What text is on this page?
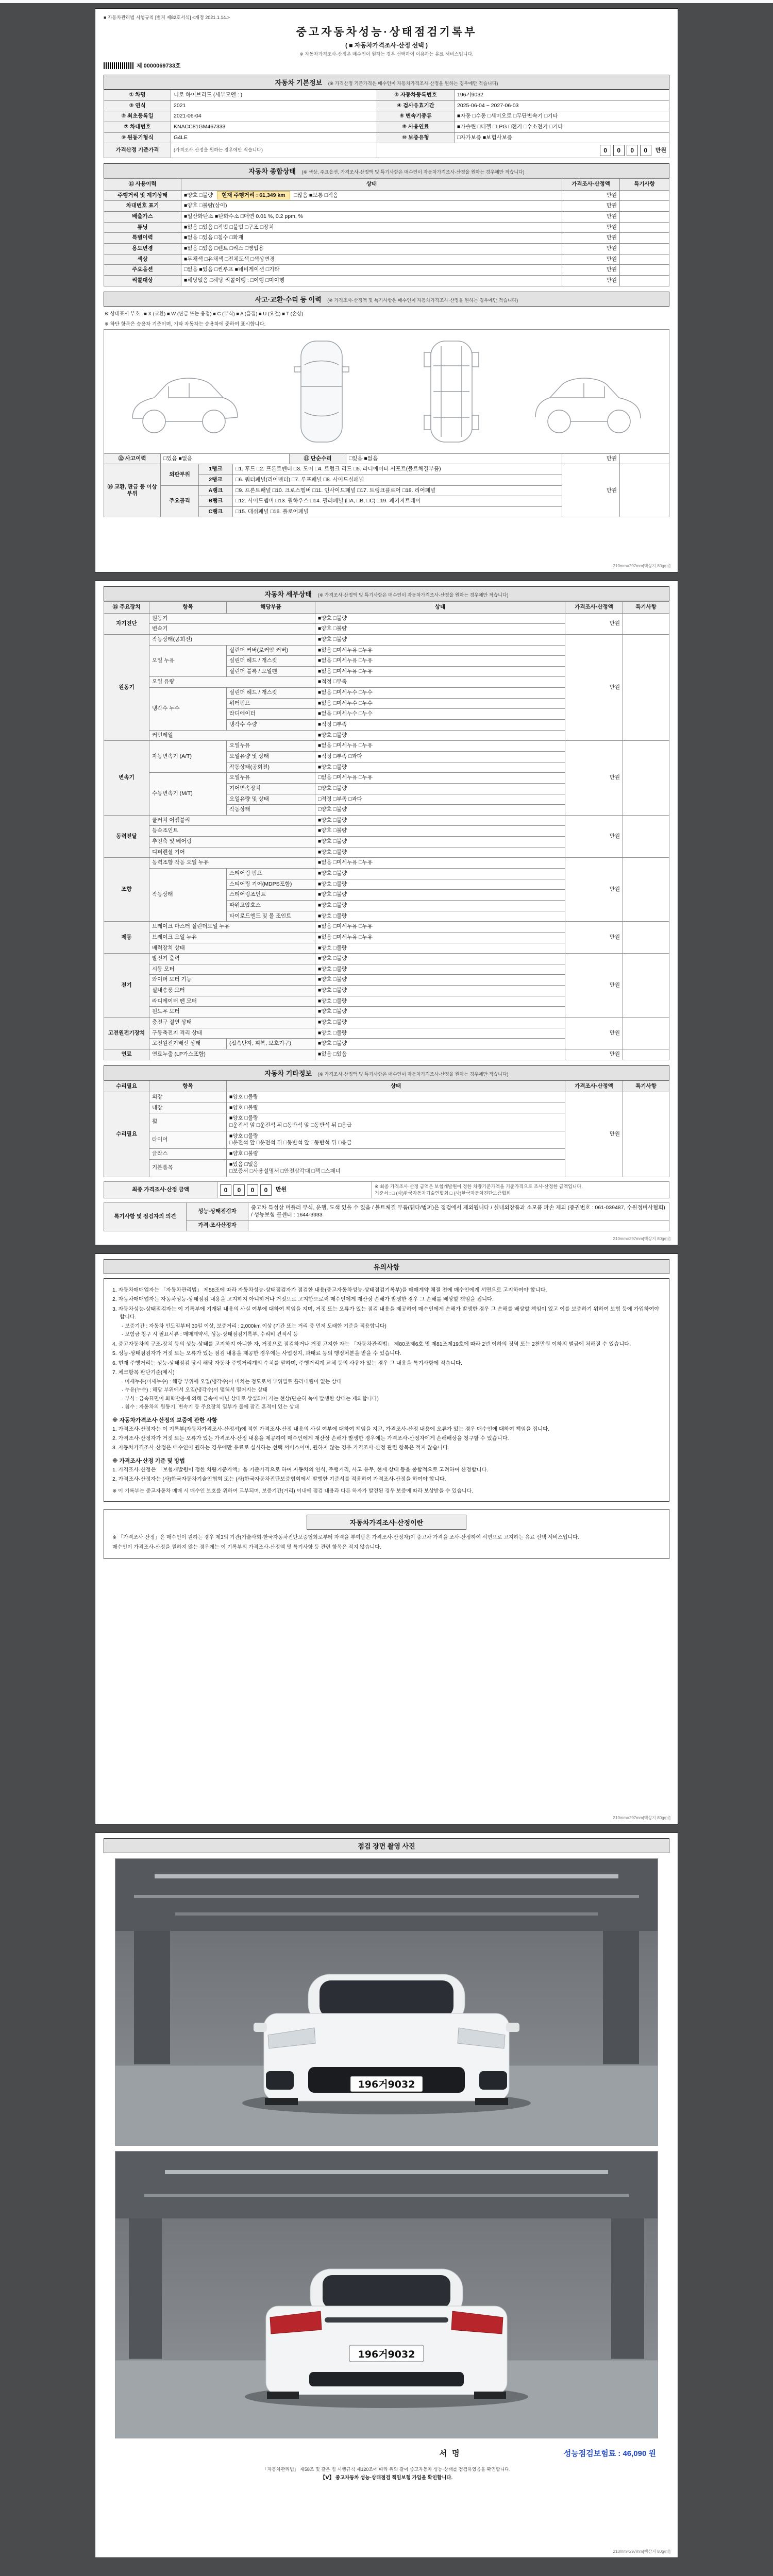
■ 자동차관리법 시행규칙 [별지 제82호서식] <개정 2021.1.14.>
중고자동차성능·상태점검기록부
( ■ 자동차가격조사·산정 선택 )
※ 자동차가격조사·산정은 매수인이 원하는 경우 선택하여 이용하는 유료 서비스입니다.
제 0000069733호
자동차 기본정보 (※ 가격산정 기준가격은 매수인이 자동차가격조사·산정을 원하는 경우에만 적습니다)
① 차명	니로 하이브리드 (세부모델 : )	② 자동차등록번호	196거9032
③ 연식	2021	④ 검사유효기간	2025-06-04 ~ 2027-06-03
⑤ 최초등록일	2021-06-04	⑥ 변속기종류	■자동 □수동 □세미오토 □무단변속기 □기타
⑦ 차대번호	KNACC81GM467333	⑧ 사용연료	■가솔린 □디젤 □LPG □전기 □수소전기 □기타
⑨ 원동기형식	G4LE	⑩ 보증유형	□자가보증 ■보험사보증
가격산정 기준가격	(가격조사·산정을 원하는 경우에만 적습니다)	0 0 0 0 만원	
자동차 종합상태 (※ 색상, 주요옵션, 가격조사·산정액 및 특기사항은 매수인이 자동차가격조사·산정을 원하는 경우에만 적습니다)
⑪ 사용이력	상태	가격조사·산정액	특기사항
주행거리 및 계기상태	■양호 □불량 현재 주행거리 : 61,349 km □많음 ■보통 □적음	만원	
차대번호 표기	■양호 □불량(상이)	만원	
배출가스	■일산화탄소 ■탄화수소 □매연 0.01 %, 0.2 ppm, %	만원	
튜닝	■없음 □있음 □적법 □불법 □구조 □장치	만원	
특별이력	■없음 □있음 □침수 □화재	만원	
용도변경	■없음 □있음 □렌트 □리스 □영업용	만원	
색상	■무채색 □유채색 □전체도색 □색상변경	만원	
주요옵션	□없음 ■있음 □썬루프 ■네비게이션 □기타	만원	
리콜대상	■해당없음 □해당 리콜이행 : □이행 □미이행	만원	
사고·교환·수리 등 이력 (※ 가격조사·산정액 및 특기사항은 매수인이 자동차가격조사·산정을 원하는 경우에만 적습니다)
※ 상태표시 부호 : ■ X (교환) ■ W (판금 또는 용접) ■ C (부식) ■ A (흠집) ■ U (요철) ■ T (손상)
※ 하단 항목은 승용차 기준이며, 기타 자동차는 승용차에 준하여 표시합니다.
⑫ 사고이력	□있음 ■없음	⑬ 단순수리	□있음 ■없음	만원	
⑭ 교환, 판금 등 이상 부위	외판부위	1랭크	□1. 후드 □2. 프론트펜더 □3. 도어 □4. 트렁크 리드 □5. 라디에이터 서포트(볼트체결부품)	만원	
		2랭크	□6. 쿼터패널(리어펜더) □7. 루프패널 □8. 사이드실패널		
	주요골격	A랭크	□9. 프론트패널 □10. 크로스멤버 □11. 인사이드패널 □17. 트렁크플로어 □18. 리어패널		
		B랭크	□12. 사이드멤버 □13. 휠하우스 □14. 필러패널 (□A, □B, □C) □19. 패키지트레이		
		C랭크	□15. 대쉬패널 □16. 플로어패널		
210mm×297mm[백상지 80g/㎡]
자동차 세부상태 (※ 가격조사·산정액 및 특기사항은 매수인이 자동차가격조사·산정을 원하는 경우에만 적습니다)
⑮ 주요장치	항목	해당부품	상태	가격조사·산정액	특기사항
자기진단	원동기		■양호 □불량	만원	
	변속기		■양호 □불량		
원동기	작동상태(공회전)		■양호 □불량	만원	
	오일 누유	실린더 커버(로커암 커버)	■없음 □미세누유 □누유		
		실린더 헤드 / 개스킷	■없음 □미세누유 □누유		
		실린더 블록 / 오일팬	■없음 □미세누유 □누유		
	오일 유량		■적정 □부족		
	냉각수 누수	실린더 헤드 / 개스킷	■없음 □미세누수 □누수		
		워터펌프	■없음 □미세누수 □누수		
		라디에이터	■없음 □미세누수 □누수		
		냉각수 수량	■적정 □부족		
	커먼레일		■양호 □불량		
변속기	자동변속기 (A/T)	오일누유	■없음 □미세누유 □누유	만원	
		오일유량 및 상태	■적정 □부족 □과다		
		작동상태(공회전)	■양호 □불량		
	수동변속기 (M/T)	오일누유	□없음 □미세누유 □누유		
		기어변속장치	□양호 □불량		
		오일유량 및 상태	□적정 □부족 □과다		
		작동상태	□양호 □불량		
동력전달	클러치 어셈블리		■양호 □불량	만원	
	등속조인트		■양호 □불량		
	추진축 및 베어링		■양호 □불량		
	디퍼렌셜 기어		■양호 □불량		
조향	동력조향 작동 오일 누유		■없음 □미세누유 □누유	만원	
	작동상태	스티어링 펌프	■양호 □불량		
		스티어링 기어(MDPS포함)	■양호 □불량		
		스티어링조인트	■양호 □불량		
		파워고압호스	■양호 □불량		
		타이로드엔드 및 볼 조인트	■양호 □불량		
제동	브레이크 마스터 실린더오일 누유		■없음 □미세누유 □누유	만원	
	브레이크 오일 누유		■없음 □미세누유 □누유		
	배력장치 상태		■양호 □불량		
전기	발전기 출력		■양호 □불량	만원	
	시동 모터		■양호 □불량		
	와이퍼 모터 기능		■양호 □불량		
	실내송풍 모터		■양호 □불량		
	라디에이터 팬 모터		■양호 □불량		
	윈도우 모터		■양호 □불량		
고전원전기장치	충전구 절연 상태		■양호 □불량	만원	
	구동축전지 격리 상태		■양호 □불량		
	고전원전기배선 상태	(접속단자, 피복, 보호기구)	■양호 □불량		
연료	연료누출 (LP가스포함)		■없음 □있음	만원	
자동차 기타정보 (※ 가격조사·산정액 및 특기사항은 매수인이 자동차가격조사·산정을 원하는 경우에만 적습니다)
수리필요	항목	상태	가격조사·산정액	특기사항
수리필요	외장	■양호 □불량	만원	
	내장	■양호 □불량		
	휠	■양호 □불량
□운전석 앞 □운전석 뒤 □동반석 앞 □동반석 뒤 □응급		
	타이어	■양호 □불량
□운전석 앞 □운전석 뒤 □동반석 앞 □동반석 뒤 □응급		
	글라스	■양호 □불량		
	기본품목	■있음 □없음
□보증서 □사용설명서 □안전삼각대 □잭 □스패너		
최종 가격조사·산정 금액	0	0	0	0	만원

※ 최종 가격조사·산정 금액은 보험개발원이 정한 차량기준가액을 기준가격으로 조사·산정한 금액입니다.
기준서 : □ (사)한국자동차기술인협회 □ (사)한국자동차진단보증협회
특기사항 및 점검자의 의견	성능·상태점검자	중고차 특성상 머플러 부식, 운행, 도색 있을 수 있음 / 볼트체결 부품(휀다/범퍼)은 점검에서 제외됩니다 / 실내외장품과 소모품 파손 제외 (증권번호 : 061-039487, 수원정비사협회) / 성능보험 콜센터 : 1644-3933
	가격·조사산정자	
210mm×297mm[백상지 80g/㎡]
유의사항
1. 자동차매매업자는 「자동차관리법」 제58조에 따라 자동차성능·상태점검자가 점검한 내용(중고자동차성능·상태점검기록부)을 매매계약 체결 전에 매수인에게 서면으로 고지하여야 합니다.
2. 자동차매매업자는 자동차성능·상태점검 내용을 고지하지 아니하거나 거짓으로 고지함으로써 매수인에게 재산상 손해가 발생한 경우 그 손해를 배상할 책임을 집니다.
3. 자동차성능·상태점검자는 이 기록부에 기재된 내용의 사실 여부에 대하여 책임을 지며, 거짓 또는 오류가 있는 점검 내용을 제공하여 매수인에게 손해가 발생한 경우 그 손해를 배상할 책임이 있고 이를 보증하기 위하여 보험 등에 가입하여야 합니다.
- 보증기간 : 자동차 인도일부터 30일 이상, 보증거리 : 2,000km 이상 (기간 또는 거리 중 먼저 도래한 기준을 적용합니다)
- 보험금 청구 시 필요서류 : 매매계약서, 성능·상태점검기록부, 수리비 견적서 등
4. 중고자동차의 구조·장치 등의 성능·상태를 고지하지 아니한 자, 거짓으로 점검하거나 거짓 고지한 자는 「자동차관리법」 제80조제6호 및 제81조제19호에 따라 2년 이하의 징역 또는 2천만원 이하의 벌금에 처해질 수 있습니다.
5. 성능·상태점검자가 거짓 또는 오류가 있는 점검 내용을 제공한 경우에는 사업정지, 과태료 등의 행정처분을 받을 수 있습니다.
6. 현재 주행거리는 성능·상태점검 당시 해당 자동차 주행거리계의 수치를 말하며, 주행거리계 교체 등의 사유가 있는 경우 그 내용을 특기사항에 적습니다.
7. 체크항목 판단기준(예시)
· 미세누유(미세누수) : 해당 부위에 오일(냉각수)이 비치는 정도로서 부위별로 흘러내림이 없는 상태
· 누유(누수) : 해당 부위에서 오일(냉각수)이 맺혀서 떨어지는 상태
· 부식 : 금속표면이 화학반응에 의해 금속이 아닌 상태로 상실되어 가는 현상(단순히 녹이 발생한 상태는 제외합니다)
· 침수 : 자동차의 원동기, 변속기 등 주요장치 일부가 물에 잠긴 흔적이 있는 상태
※ 자동차가격조사·산정의 보증에 관한 사항
1. 가격조사·산정자는 이 기록부(자동차가격조사·산정서)에 적힌 가격조사·산정 내용의 사실 여부에 대하여 책임을 지고, 가격조사·산정 내용에 오류가 있는 경우 매수인에 대하여 책임을 집니다.
2. 가격조사·산정자가 거짓 또는 오류가 있는 가격조사·산정 내용을 제공하여 매수인에게 재산상 손해가 발생한 경우에는 가격조사·산정자에게 손해배상을 청구할 수 있습니다.
3. 자동차가격조사·산정은 매수인이 원하는 경우에만 유료로 실시하는 선택 서비스이며, 원하지 않는 경우 가격조사·산정 관련 항목은 적지 않습니다.
※ 가격조사·산정 기준 및 방법
1. 가격조사·산정은 「보험개발원이 정한 차량기준가액」을 기준가격으로 하여 자동차의 연식, 주행거리, 사고 유무, 현재 상태 등을 종합적으로 고려하여 산정합니다.
2. 가격조사·산정자는 (사)한국자동차기술인협회 또는 (사)한국자동차진단보증협회에서 발행한 기준서를 적용하여 가격조사·산정을 하여야 합니다.
※ 이 기록부는 중고자동차 매매 시 매수인 보호를 위하여 교부되며, 보증기간(거리) 이내에 점검 내용과 다른 하자가 발견된 경우 보증에 따라 보상받을 수 있습니다.
자동차가격조사·산정이란
※ 「가격조사·산정」은 매수인이 원하는 경우 제3의 기관(기술사회·한국자동차진단보증협회로부터 자격을 부여받은 가격조사·산정자)이 중고차 가격을 조사·산정하여 서면으로 고지하는 유료 선택 서비스입니다.
매수인이 가격조사·산정을 원하지 않는 경우에는 이 기록부의 가격조사·산정액 및 특기사항 등 관련 항목은 적지 않습니다.
210mm×297mm[백상지 80g/㎡]
점검 장면 촬영 사진
196거9032
196거9032
서명	성능점검보험료 : 46,090 원
「자동차관리법」 제58조 및 같은 법 시행규칙 제120조에 따라 위와 같이 중고자동차 성능·상태를 점검하였음을 확인합니다.
【Ⅴ】 중고자동차 성능·상태점검 책임보험 가입을 확인합니다.
210mm×297mm[백상지 80g/㎡]
